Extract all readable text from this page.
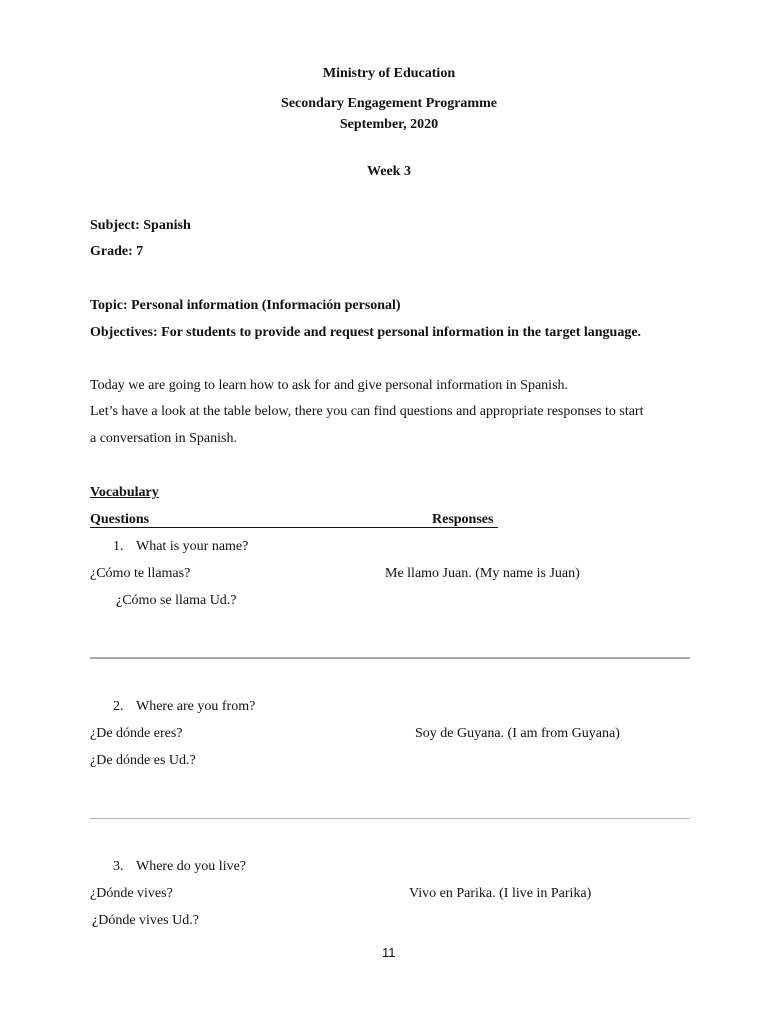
Ministry of Education
Secondary Engagement Programme
September, 2020
Week 3
Subject: Spanish
Grade: 7
Topic: Personal information (Información personal)
Objectives: For students to provide and request personal information in the target language.
Today we are going to learn how to ask for and give personal information in Spanish.
Let’s have a look at the table below, there you can find questions and appropriate responses to start
a conversation in Spanish.
Vocabulary
Questions	Responses
1. What is your name?
¿Cómo te llamas?	Me llamo Juan. (My name is Juan)
¿Cómo se llama Ud.?
2. Where are you from?
¿De dónde eres?	Soy de Guyana. (I am from Guyana)
¿De dónde es Ud.?
3. Where do you live?
¿Dónde vives?	Vivo en Parika. (I live in Parika)
¿Dónde vives Ud.?
11
